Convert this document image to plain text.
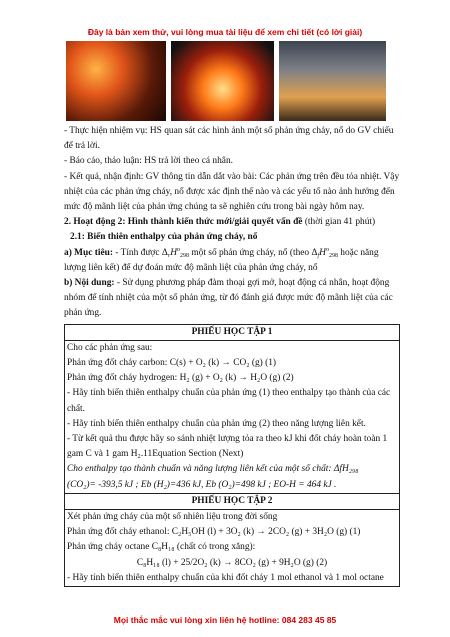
Đây là bản xem thử, vui lòng mua tài liệu để xem chi tiết (có lời giải)

- Thực hiện nhiệm vụ: HS quan sát các hình ảnh một số phản ứng cháy, nổ do GV chiếu để trả lời.

- Báo cáo, thảo luận: HS trả lời theo cá nhân.

- Kết quả, nhận định: GV thông tin dẫn dắt vào bài: Các phản ứng trên đều tỏa nhiệt. Vậy nhiệt của các phản ứng cháy, nổ được xác định thế nào và các yếu tố nào ảnh hưởng đến mức độ mãnh liệt của phản ứng chúng ta sẽ nghiên cứu trong bài ngày hôm nay.

2. Hoạt động 2: Hình thành kiến thức mới/giải quyết vấn đề (thời gian 41 phút)

2.1: Biến thiên enthalpy của phản ứng cháy, nổ

a) Mục tiêu: - Tính được $\Delta_rH^o_{298}$ một số phản ứng cháy, nổ (theo $\Delta_fH^o_{298}$ hoặc năng lượng liên kết) để dự đoán mức độ mãnh liệt của phản ứng cháy, nổ

b) Nội dung: - Sử dụng phương pháp đàm thoại gợi mở, hoạt động cá nhân, hoạt động nhóm để tính nhiệt của một số phản ứng, từ đó đánh giá được mức độ mãnh liệt của các phản ứng.

PHIẾU HỌC TẬP 1

Cho các phản ứng sau:

Phản ứng đốt cháy carbon: C(s) + O₂ (k) → CO₂ (g) (1)

Phản ứng đốt cháy hydrogen: H₂ (g) + O₂ (k) → H₂O (g) (2)

- Hãy tính biến thiên enthalpy chuẩn của phản ứng (1) theo enthalpy tạo thành của các chất.

- Hãy tính biến thiên enthalpy chuẩn của phản ứng (2) theo năng lượng liên kết.

- Từ kết quả thu được hãy so sánh nhiệt lượng tỏa ra theo kJ khi đốt cháy hoàn toàn 1 gam C và 1 gam H₂.11Equation Section (Next)

Cho enthalpy tạo thành chuẩn và năng lượng liên kết của một số chất: ΔfH₂₉₈

(CO₂)= -393,5 kJ ; Eb (H₂)=436 kJ, Eb (O₂)=498 kJ ; EO-H = 464 kJ .

PHIẾU HỌC TẬP 2

Xét phản ứng cháy của một số nhiên liệu trong đời sống

Phản ứng đốt cháy ethanol: C₂H₅OH (l) + 3O₂ (k) → 2CO₂ (g) + 3H₂O (g) (1)

Phản ứng cháy octane C₈H₁₈ (chất có trong xăng):

C₈H₁₈ (l) + 25/2O₂ (k) → 8CO₂ (g) + 9H₂O (g) (2)

- Hãy tính biến thiên enthalpy chuẩn của khi đốt cháy 1 mol ethanol và 1 mol octane

Mọi thắc mắc vui lòng xin liên hệ hotline: 084 283 45 85
